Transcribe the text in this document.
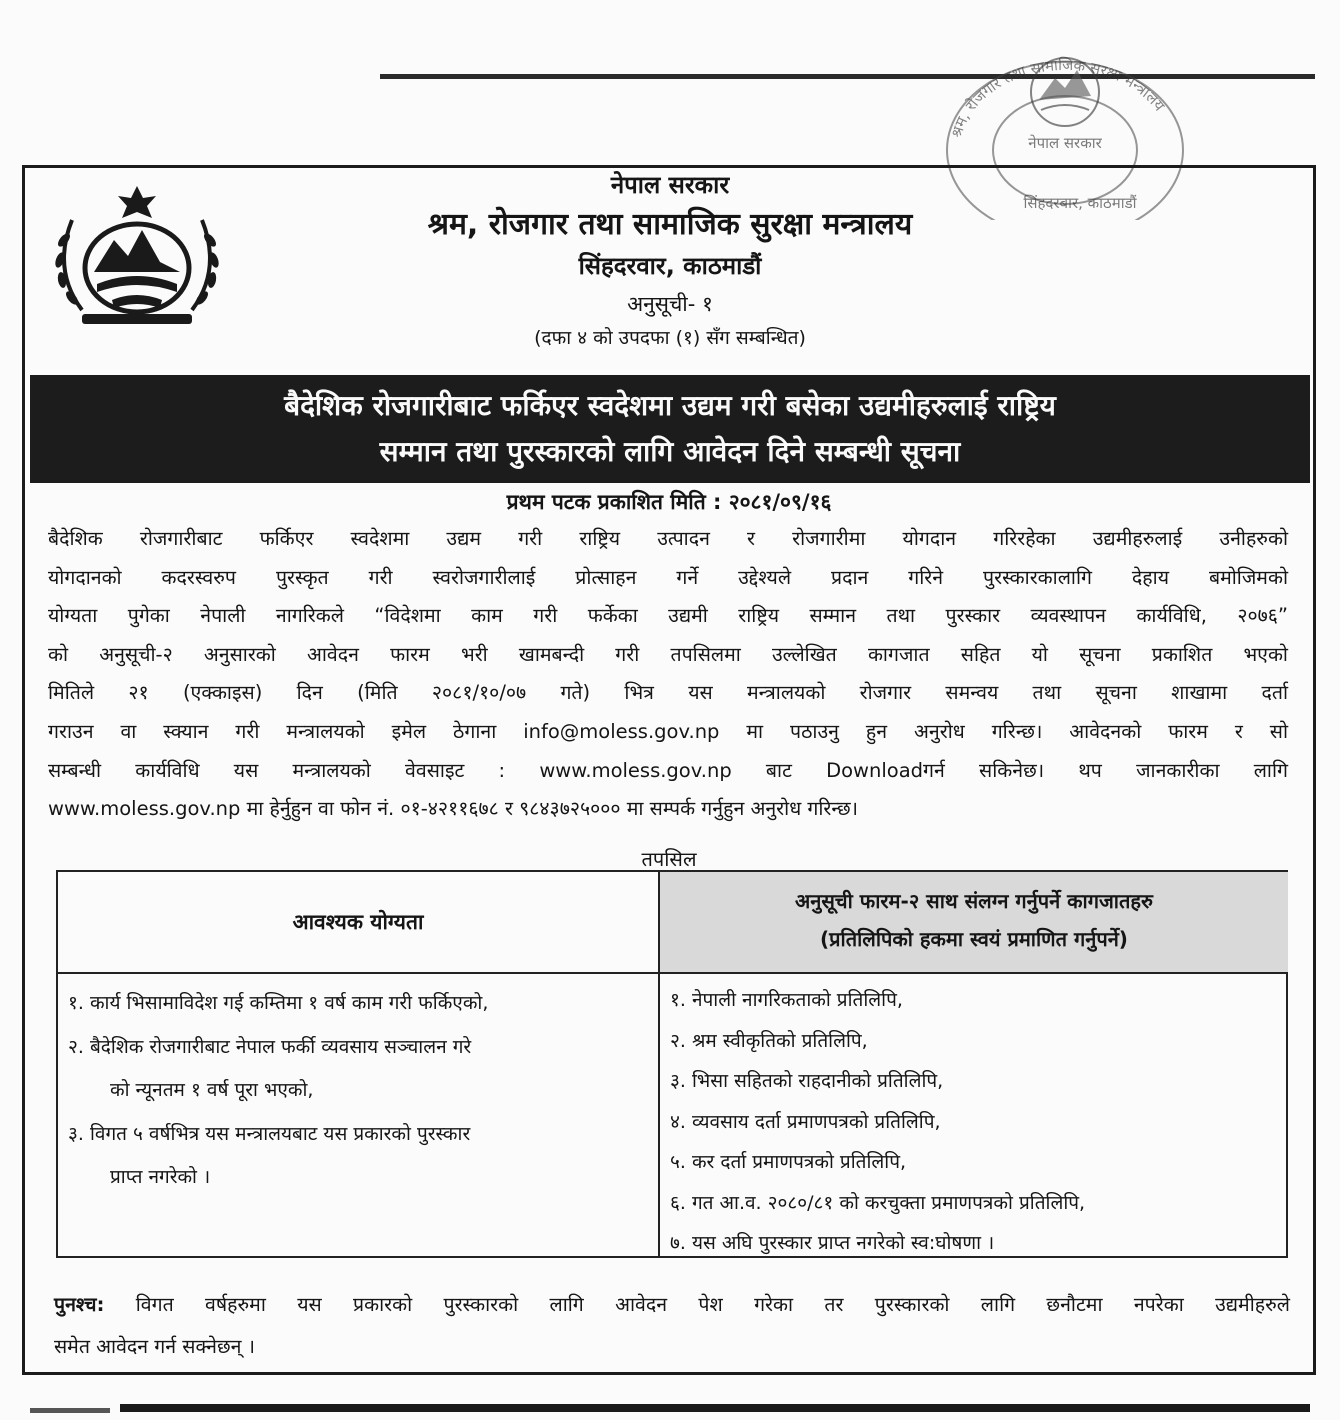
श्रम, रोजगार तथा सामाजिक सुरक्षा मन्त्रालय
नेपाल सरकार
सिंहदरबार, काठमाडौं
नेपाल सरकार
श्रम, रोजगार तथा सामाजिक सुरक्षा मन्त्रालय
सिंहदरवार, काठमाडौं
अनुसूची- १
(दफा ४ को उपदफा (१) सँग सम्बन्धित)
बैदेशिक रोजगारीबाट फर्किएर स्वदेशमा उद्यम गरी बसेका उद्यमीहरुलाई राष्ट्रिय
सम्मान तथा पुरस्कारको लागि आवेदन दिने सम्बन्धी सूचना
प्रथम पटक प्रकाशित मिति : २०८१/०९/१६
बैदेशिक रोजगारीबाट फर्किएर स्वदेशमा उद्यम गरी राष्ट्रिय उत्पादन र रोजगारीमा योगदान गरिरहेका उद्यमीहरुलाई उनीहरुको
योगदानको कदरस्वरुप पुरस्कृत गरी स्वरोजगारीलाई प्रोत्साहन गर्ने उद्देश्यले प्रदान गरिने पुरस्कारकालागि देहाय बमोजिमको
योग्यता पुगेका नेपाली नागरिकले “विदेशमा काम गरी फर्केका उद्यमी राष्ट्रिय सम्मान तथा पुरस्कार व्यवस्थापन कार्यविधि, २०७६”
को अनुसूची-२ अनुसारको आवेदन फारम भरी खामबन्दी गरी तपसिलमा उल्लेखित कागजात सहित यो सूचना प्रकाशित भएको
मितिले २१ (एक्काइस) दिन (मिति २०८१/१०/०७ गते) भित्र यस मन्त्रालयको रोजगार समन्वय तथा सूचना शाखामा दर्ता
गराउन वा स्क्यान गरी मन्त्रालयको इमेल ठेगाना info@moless.gov.np मा पठाउनु हुन अनुरोध गरिन्छ। आवेदनको फारम र सो
सम्बन्धी कार्यविधि यस मन्त्रालयको वेवसाइट : www.moless.gov.np बाट Downloadगर्न सकिनेछ। थप जानकारीका लागि
www.moless.gov.np मा हेर्नुहुन वा फोन नं. ०१-४२११६७८ र ९८४३७२५००० मा सम्पर्क गर्नुहुन अनुरोध गरिन्छ।
तपसिल
आवश्यक योग्यता
अनुसूची फारम-२ साथ संलग्न गर्नुपर्ने कागजातहरु
(प्रतिलिपिको हकमा स्वयं प्रमाणित गर्नुपर्ने)
१. कार्य भिसामाविदेश गई कम्तिमा १ वर्ष काम गरी फर्किएको,
२. बैदेशिक रोजगारीबाट नेपाल फर्की व्यवसाय सञ्चालन गरे
को न्यूनतम १ वर्ष पूरा भएको,
३. विगत ५ वर्षभित्र यस मन्त्रालयबाट यस प्रकारको पुरस्कार
प्राप्त नगरेको ।
१. नेपाली नागरिकताको प्रतिलिपि,
२. श्रम स्वीकृतिको प्रतिलिपि,
३. भिसा सहितको राहदानीको प्रतिलिपि,
४. व्यवसाय दर्ता प्रमाणपत्रको प्रतिलिपि,
५. कर दर्ता प्रमाणपत्रको प्रतिलिपि,
६. गत आ.व. २०८०/८१ को करचुक्ता प्रमाणपत्रको प्रतिलिपि,
७. यस अघि पुरस्कार प्राप्त नगरेको स्व:घोषणा ।
पुनश्च: विगत वर्षहरुमा यस प्रकारको पुरस्कारको लागि आवेदन पेश गरेका तर पुरस्कारको लागि छनौटमा नपरेका उद्यमीहरुले
समेत आवेदन गर्न सक्नेछन् ।
